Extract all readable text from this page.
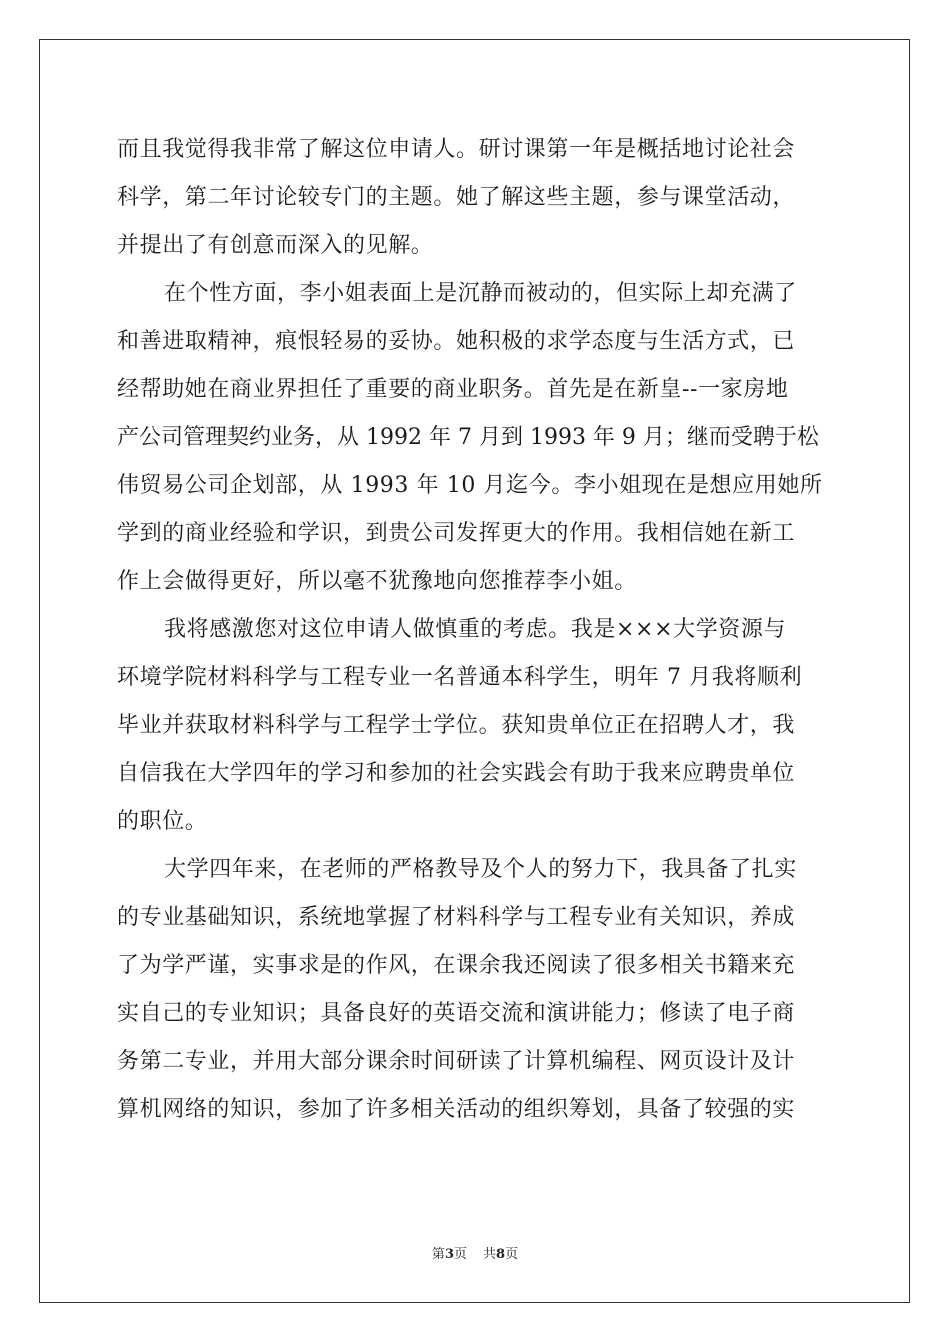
而且我觉得我非常了解这位申请人。研讨课第一年是概括地讨论社会
科学，第二年讨论较专门的主题。她了解这些主题，参与课堂活动，
并提出了有创意而深入的见解。
在个性方面，李小姐表面上是沉静而被动的，但实际上却充满了
和善进取精神，痕恨轻易的妥协。她积极的求学态度与生活方式，已
经帮助她在商业界担任了重要的商业职务。首先是在新皇--一家房地
产公司管理契约业务，从 1992 年 7 月到 1993 年 9 月；继而受聘于松
伟贸易公司企划部，从 1993 年 10 月迄今。李小姐现在是想应用她所
学到的商业经验和学识，到贵公司发挥更大的作用。我相信她在新工
作上会做得更好，所以毫不犹豫地向您推荐李小姐。
我将感激您对这位申请人做慎重的考虑。我是×××大学资源与
环境学院材料科学与工程专业一名普通本科学生，明年 7 月我将顺利
毕业并获取材料科学与工程学士学位。获知贵单位正在招聘人才，我
自信我在大学四年的学习和参加的社会实践会有助于我来应聘贵单位
的职位。
大学四年来，在老师的严格教导及个人的努力下，我具备了扎实
的专业基础知识，系统地掌握了材料科学与工程专业有关知识，养成
了为学严谨，实事求是的作风，在课余我还阅读了很多相关书籍来充
实自己的专业知识；具备良好的英语交流和演讲能力；修读了电子商
务第二专业，并用大部分课余时间研读了计算机编程、网页设计及计
算机网络的知识，参加了许多相关活动的组织筹划，具备了较强的实
第3页 共8页
